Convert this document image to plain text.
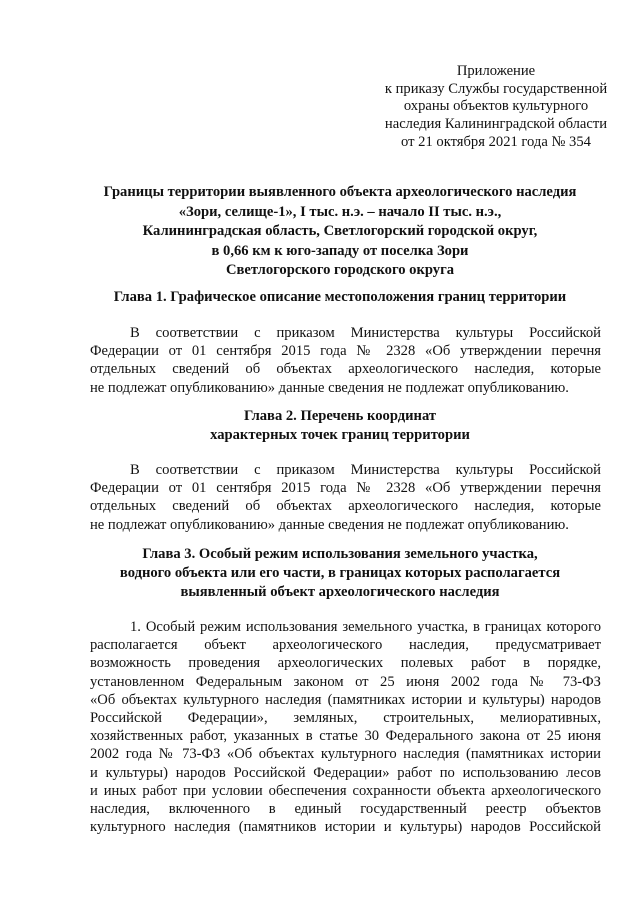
Приложение
к приказу Службы государственной
охраны объектов культурного
наследия Калининградской области
от 21 октября 2021 года № 354
Границы территории выявленного объекта археологического наследия
«Зори, селище-1», I тыс. н.э. – начало II тыс. н.э.,
Калининградская область, Светлогорский городской округ,
в 0,66 км к юго-западу от поселка Зори
Светлогорского городского округа
Глава 1. Графическое описание местоположения границ территории
В соответствии с приказом Министерства культуры Российской
Федерации от 01 сентября 2015 года № 2328 «Об утверждении перечня
отдельных сведений об объектах археологического наследия, которые
не подлежат опубликованию» данные сведения не подлежат опубликованию.
Глава 2. Перечень координат
характерных точек границ территории
В соответствии с приказом Министерства культуры Российской
Федерации от 01 сентября 2015 года № 2328 «Об утверждении перечня
отдельных сведений об объектах археологического наследия, которые
не подлежат опубликованию» данные сведения не подлежат опубликованию.
Глава 3. Особый режим использования земельного участка,
водного объекта или его части, в границах которых располагается
выявленный объект археологического наследия
1. Особый режим использования земельного участка, в границах которого
располагается объект археологического наследия, предусматривает
возможность проведения археологических полевых работ в порядке,
установленном Федеральным законом от 25 июня 2002 года № 73-ФЗ
«Об объектах культурного наследия (памятниках истории и культуры) народов
Российской Федерации», земляных, строительных, мелиоративных,
хозяйственных работ, указанных в статье 30 Федерального закона от 25 июня
2002 года № 73-ФЗ «Об объектах культурного наследия (памятниках истории
и культуры) народов Российской Федерации» работ по использованию лесов
и иных работ при условии обеспечения сохранности объекта археологического
наследия, включенного в единый государственный реестр объектов
культурного наследия (памятников истории и культуры) народов Российской
